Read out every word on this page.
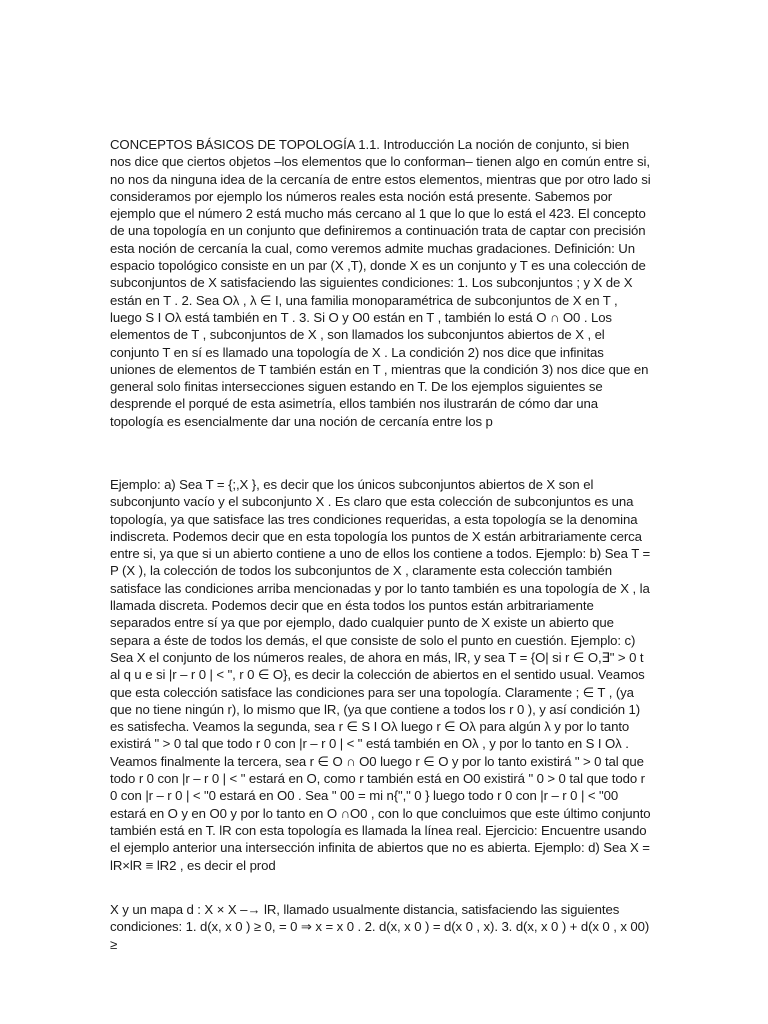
CONCEPTOS BÁSICOS DE TOPOLOGÍA 1.1. Introducción La noción de conjunto, si bien nos dice que ciertos objetos –los elementos que lo conforman– tienen algo en común entre si, no nos da ninguna idea de la cercanía de entre estos elementos, mientras que por otro lado si consideramos por ejemplo los números reales esta noción está presente. Sabemos por ejemplo que el número 2 está mucho más cercano al 1 que lo que lo está el 423. El concepto de una topología en un conjunto que definiremos a continuación trata de captar con precisión esta noción de cercanía la cual, como veremos admite muchas gradaciones. Definición: Un espacio topológico consiste en un par (X ,T), donde X es un conjunto y T es una colección de subconjuntos de X satisfaciendo las siguientes condiciones: 1. Los subconjuntos ; y X de X están en T . 2. Sea Oλ , λ ∈ I, una familia monoparamétrica de subconjuntos de X en T , luego S I Oλ está también en T . 3. Si O y O0 están en T , también lo está O ∩ O0 . Los elementos de T , subconjuntos de X , son llamados los subconjuntos abiertos de X , el conjunto T en sí es llamado una topología de X . La condición 2) nos dice que infinitas uniones de elementos de T también están en T , mientras que la condición 3) nos dice que en general solo finitas intersecciones siguen estando en T. De los ejemplos siguientes se desprende el porqué de esta asimetría, ellos también nos ilustrarán de cómo dar una topología es esencialmente dar una noción de cercanía entre los p

Ejemplo: a) Sea T = {;,X }, es decir que los únicos subconjuntos abiertos de X son el subconjunto vacío y el subconjunto X . Es claro que esta colección de subconjuntos es una topología, ya que satisface las tres condiciones requeridas, a esta topología se la denomina indiscreta. Podemos decir que en esta topología los puntos de X están arbitrariamente cerca entre si, ya que si un abierto contiene a uno de ellos los contiene a todos. Ejemplo: b) Sea T = P (X ), la colección de todos los subconjuntos de X , claramente esta colección también satisface las condiciones arriba mencionadas y por lo tanto también es una topología de X , la llamada discreta. Podemos decir que en ésta todos los puntos están arbitrariamente separados entre sí ya que por ejemplo, dado cualquier punto de X existe un abierto que separa a éste de todos los demás, el que consiste de solo el punto en cuestión. Ejemplo: c) Sea X el conjunto de los números reales, de ahora en más, lR, y sea T = {O| si r ∈ O,∃" > 0 t al q u e si |r – r 0 | < ", r 0 ∈ O}, es decir la colección de abiertos en el sentido usual. Veamos que esta colección satisface las condiciones para ser una topología. Claramente ; ∈ T , (ya que no tiene ningún r), lo mismo que lR, (ya que contiene a todos los r 0 ), y así condición 1) es satisfecha. Veamos la segunda, sea r ∈ S I Oλ luego r ∈ Oλ para algún λ y por lo tanto existirá " > 0 tal que todo r 0 con |r – r 0 | < " está también en Oλ , y por lo tanto en S I Oλ . Veamos finalmente la tercera, sea r ∈ O ∩ O0 luego r ∈ O y por lo tanto existirá " > 0 tal que todo r 0 con |r – r 0 | < " estará en O, como r también está en O0 existirá " 0 > 0 tal que todo r 0 con |r – r 0 | < "0 estará en O0 . Sea " 00 = mi n{"," 0 } luego todo r 0 con |r – r 0 | < "00 estará en O y en O0 y por lo tanto en O ∩O0 , con lo que concluimos que este último conjunto también está en T. lR con esta topología es llamada la línea real. Ejercicio: Encuentre usando el ejemplo anterior una intersección infinita de abiertos que no es abierta. Ejemplo: d) Sea X = lR×lR ≡ lR2 , es decir el prod

X y un mapa d : X × X –→ lR, llamado usualmente distancia, satisfaciendo las siguientes condiciones: 1. d(x, x 0 ) ≥ 0, = 0 ⇒ x = x 0 . 2. d(x, x 0 ) = d(x 0 , x). 3. d(x, x 0 ) + d(x 0 , x 00) ≥
